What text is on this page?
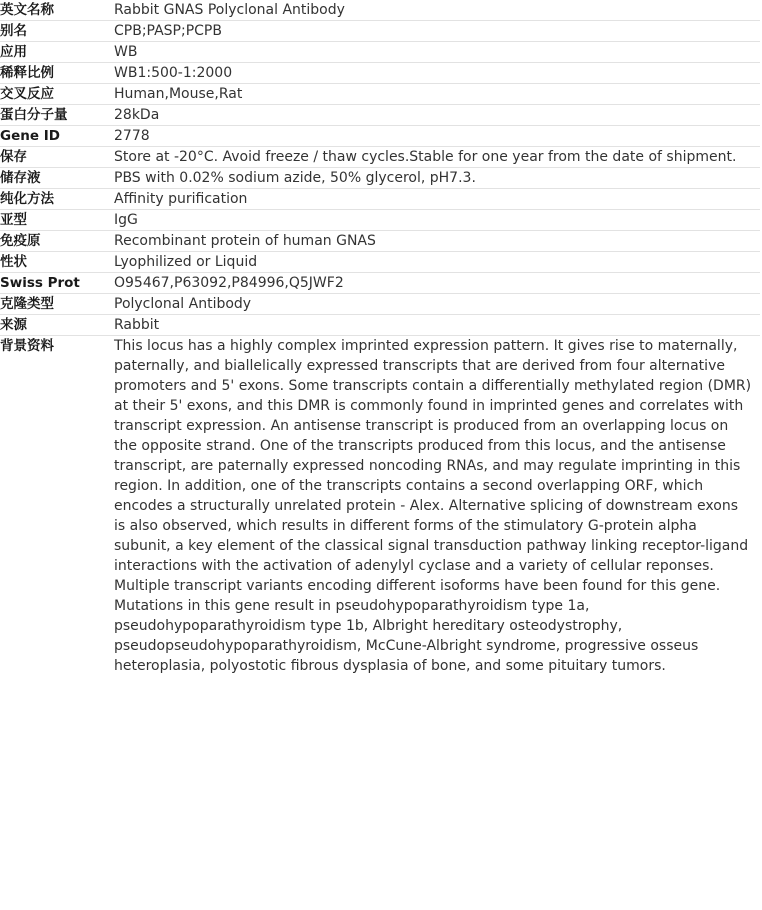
英文名称	Rabbit GNAS Polyclonal Antibody
别名	CPB;PASP;PCPB
应用	WB
稀释比例	WB1:500-1:2000
交叉反应	Human,Mouse,Rat
蛋白分子量	28kDa
Gene ID	2778
保存	Store at -20°C. Avoid freeze / thaw cycles.Stable for one year from the date of shipment.
储存液	PBS with 0.02% sodium azide, 50% glycerol, pH7.3.
纯化方法	Affinity purification
亚型	IgG
免疫原	Recombinant protein of human GNAS
性状	Lyophilized or Liquid
Swiss Prot	O95467,P63092,P84996,Q5JWF2
克隆类型	Polyclonal Antibody
来源	Rabbit
背景资料	This locus has a highly complex imprinted expression pattern. It gives rise to maternally, paternally, and biallelically expressed transcripts that are derived from four alternative promoters and 5' exons. Some transcripts contain a differentially methylated region (DMR) at their 5' exons, and this DMR is commonly found in imprinted genes and correlates with transcript expression. An antisense transcript is produced from an overlapping locus on the opposite strand. One of the transcripts produced from this locus, and the antisense transcript, are paternally expressed noncoding RNAs, and may regulate imprinting in this region. In addition, one of the transcripts contains a second overlapping ORF, which encodes a structurally unrelated protein - Alex. Alternative splicing of downstream exons is also observed, which results in different forms of the stimulatory G-protein alpha subunit, a key element of the classical signal transduction pathway linking receptor-ligand interactions with the activation of adenylyl cyclase and a variety of cellular reponses. Multiple transcript variants encoding different isoforms have been found for this gene. Mutations in this gene result in pseudohypoparathyroidism type 1a, pseudohypoparathyroidism type 1b, Albright hereditary osteodystrophy, pseudopseudohypoparathyroidism, McCune-Albright syndrome, progressive osseus heteroplasia, polyostotic fibrous dysplasia of bone, and some pituitary tumors.
